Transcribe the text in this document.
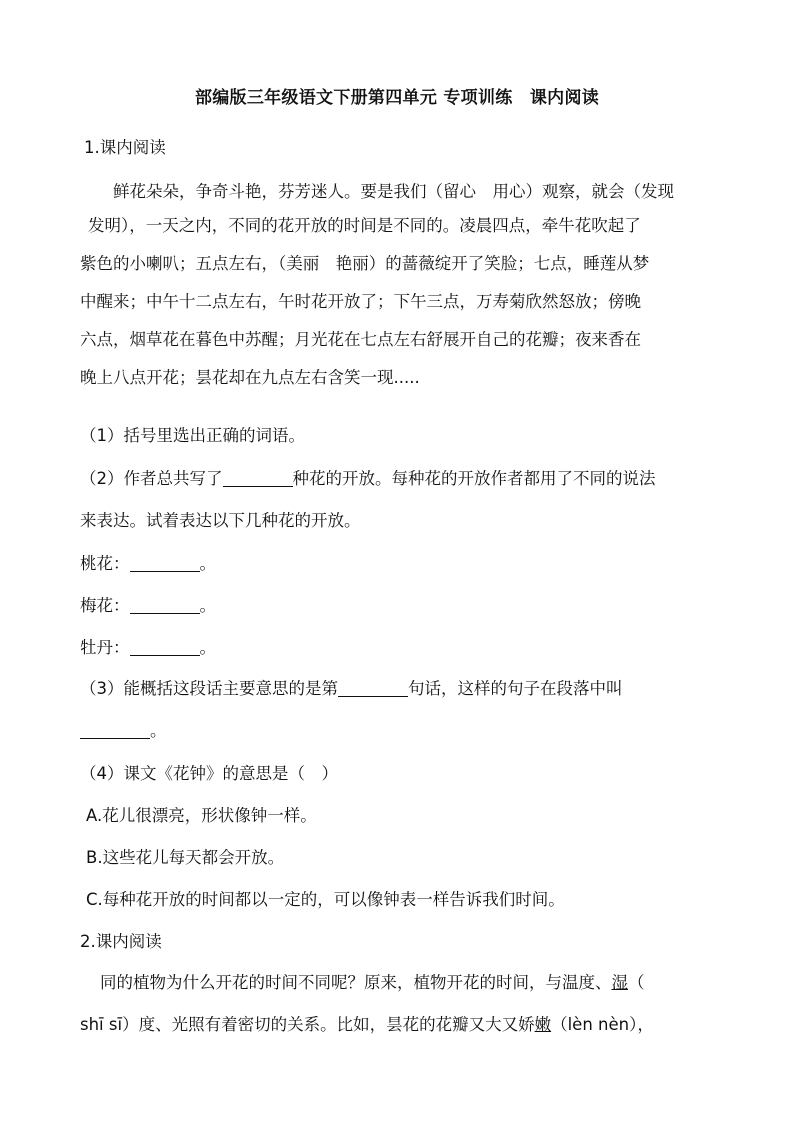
部编版三年级语文下册第四单元 专项训练　课内阅读
1.课内阅读
鲜花朵朵，争奇斗艳，芬芳迷人。要是我们（留心　用心）观察，就会（发现
发明），一天之内，不同的花开放的时间是不同的。凌晨四点，牵牛花吹起了
紫色的小喇叭；五点左右，（美丽　艳丽）的蔷薇绽开了笑脸；七点，睡莲从梦
中醒来；中午十二点左右，午时花开放了；下午三点，万寿菊欣然怒放；傍晚
六点，烟草花在暮色中苏醒；月光花在七点左右舒展开自己的花瓣；夜来香在
晚上八点开花；昙花却在九点左右含笑一现.....
（1）括号里选出正确的词语。
（2）作者总共写了	种花的开放。每种花的开放作者都用了不同的说法
来表达。试着表达以下几种花的开放。
桃花：	。
梅花：	。
牡丹：	。
（3）能概括这段话主要意思的是第	句话，这样的句子在段落中叫
。
（4）课文《花钟》的意思是（　）
A.花儿很漂亮，形状像钟一样。
B.这些花儿每天都会开放。
C.每种花开放的时间都以一定的，可以像钟表一样告诉我们时间。
2.课内阅读
同的植物为什么开花的时间不同呢？原来，植物开花的时间，与温度、湿（
shī sī）度、光照有着密切的关系。比如，昙花的花瓣又大又娇嫩（lèn nèn），
